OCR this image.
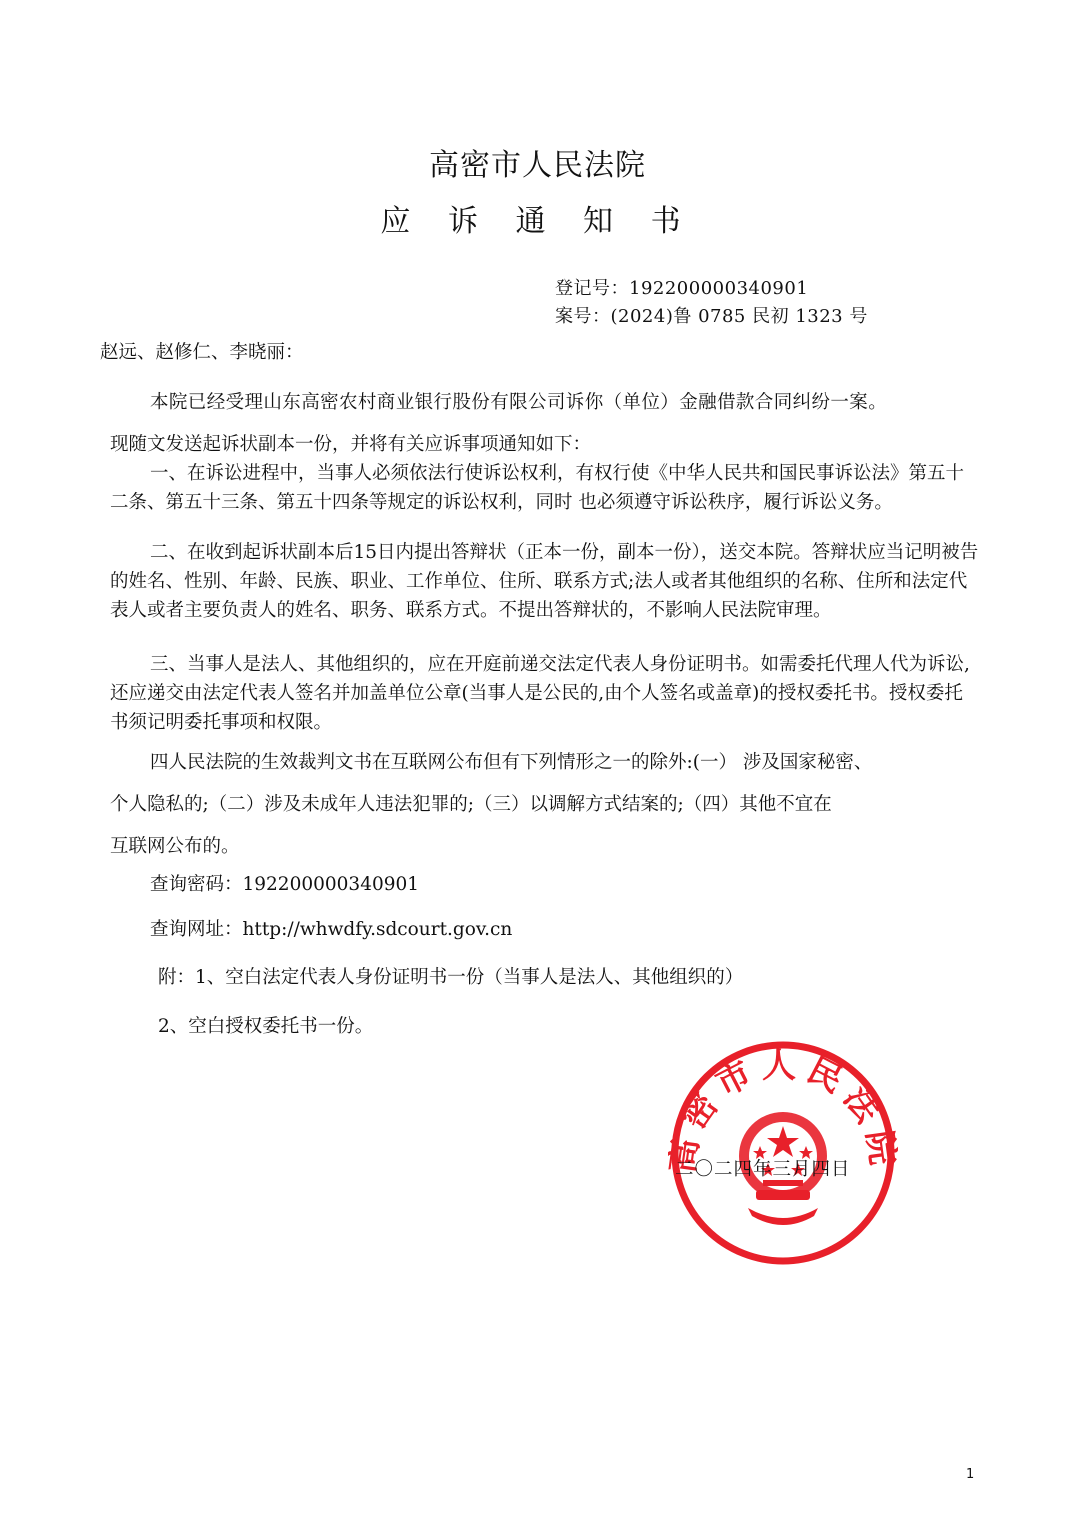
高密市人民法院
应 诉 通 知 书
登记号：192200000340901
案号：(2024)鲁 0785 民初 1323 号
赵远、赵修仁、李晓丽：
本院已经受理山东高密农村商业银行股份有限公司诉你（单位）金融借款合同纠纷一案。
现随文发送起诉状副本一份，并将有关应诉事项通知如下：
一、在诉讼进程中，当事人必须依法行使诉讼权利，有权行使《中华人民共和国民事诉讼法》第五十二条、第五十三条、第五十四条等规定的诉讼权利，同时 也必须遵守诉讼秩序，履行诉讼义务。
二、在收到起诉状副本后15日内提出答辩状（正本一份，副本一份），送交本院。答辩状应当记明被告的姓名、性别、年龄、民族、职业、工作单位、住所、联系方式;法人或者其他组织的名称、住所和法定代表人或者主要负责人的姓名、职务、联系方式。不提出答辩状的，不影响人民法院审理。
三、当事人是法人、其他组织的，应在开庭前递交法定代表人身份证明书。如需委托代理人代为诉讼,还应递交由法定代表人签名并加盖单位公章(当事人是公民的,由个人签名或盖章)的授权委托书。授权委托书须记明委托事项和权限。
四人民法院的生效裁判文书在互联网公布但有下列情形之一的除外:(一） 涉及国家秘密、
个人隐私的;（二）涉及未成年人违法犯罪的;（三）以调解方式结案的;（四）其他不宜在
互联网公布的。
查询密码：192200000340901
查询网址：http://whwdfy.sdcourt.gov.cn
附：1、空白法定代表人身份证明书一份（当事人是法人、其他组织的）
2、空白授权委托书一份。
密市人民法
二〇二四年三月四日
1
